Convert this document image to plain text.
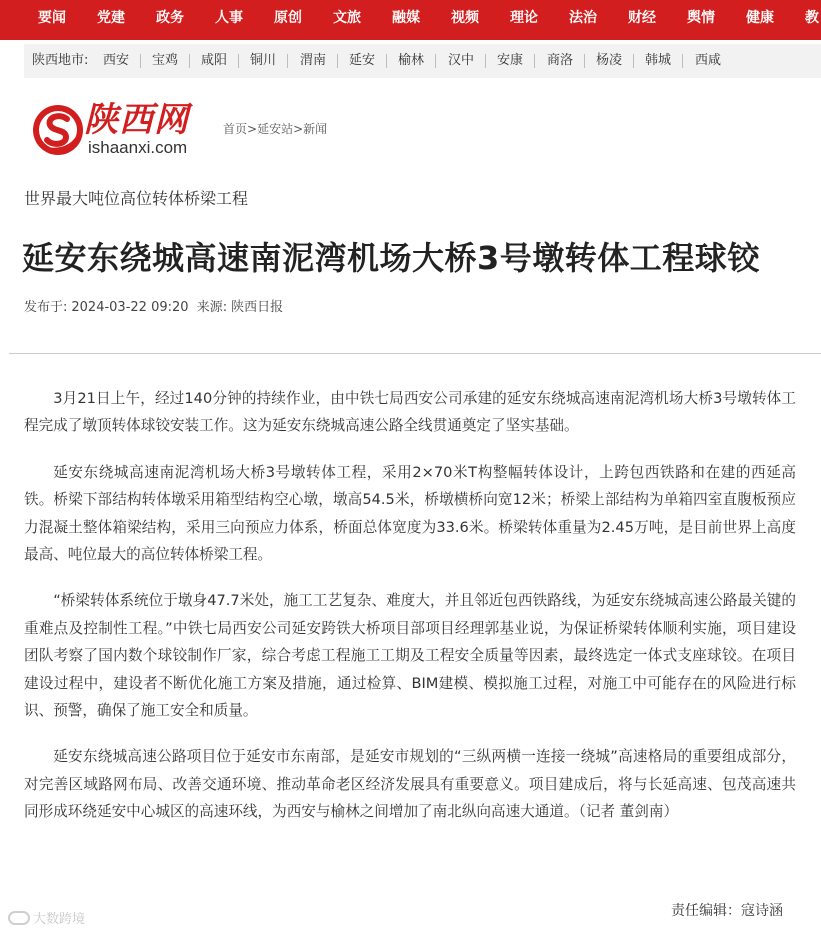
要闻 党建 政务 人事 原创 文旅 融媒 视频 理论 法治 财经 舆情 健康 教
陕西地市: 西安 宝鸡 咸阳 铜川 渭南 延安 榆林 汉中 安康 商洛 杨凌 韩城 西咸
陕西网
ishaanxi.com
首页>延安站>新闻
世界最大吨位高位转体桥梁工程
延安东绕城高速南泥湾机场大桥3号墩转体工程球铰
发布于: 2024-03-22 09:20 来源: 陕西日报

3月21日上午，经过140分钟的持续作业，由中铁七局西安公司承建的延安东绕城高速南泥湾机场大桥3号墩转体工程完成了墩顶转体球铰安装工作。这为延安东绕城高速公路全线贯通奠定了坚实基础。

延安东绕城高速南泥湾机场大桥3号墩转体工程，采用2×70米T构整幅转体设计，上跨包西铁路和在建的西延高铁。桥梁下部结构转体墩采用箱型结构空心墩，墩高54.5米，桥墩横桥向宽12米；桥梁上部结构为单箱四室直腹板预应力混凝土整体箱梁结构，采用三向预应力体系，桥面总体宽度为33.6米。桥梁转体重量为2.45万吨，是目前世界上高度最高、吨位最大的高位转体桥梁工程。

“桥梁转体系统位于墩身47.7米处，施工工艺复杂、难度大，并且邻近包西铁路线，为延安东绕城高速公路最关键的重难点及控制性工程。”中铁七局西安公司延安跨铁大桥项目部项目经理郭基业说，为保证桥梁转体顺利实施，项目建设团队考察了国内数个球铰制作厂家，综合考虑工程施工工期及工程安全质量等因素，最终选定一体式支座球铰。在项目建设过程中，建设者不断优化施工方案及措施，通过检算、BIM建模、模拟施工过程，对施工中可能存在的风险进行标识、预警，确保了施工安全和质量。

延安东绕城高速公路项目位于延安市东南部，是延安市规划的“三纵两横一连接一绕城”高速格局的重要组成部分，对完善区域路网布局、改善交通环境、推动革命老区经济发展具有重要意义。项目建成后，将与长延高速、包茂高速共同形成环绕延安中心城区的高速环线，为西安与榆林之间增加了南北纵向高速大通道。（记者 董剑南）

责任编辑：寇诗涵
大数跨境
